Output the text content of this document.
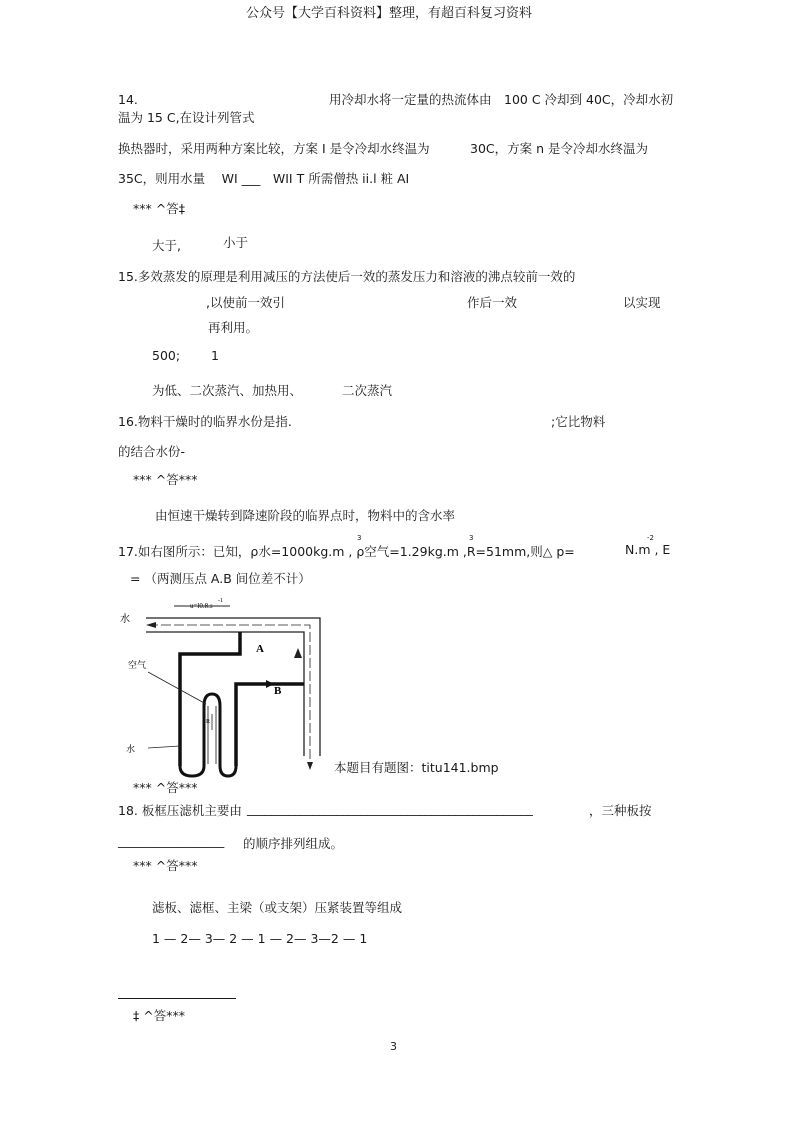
公众号【大学百科资料】整理，有超百科复习资料
14.	用冷却水将一定量的热流体由　100 C 冷却到 40C，冷却水初
温为 15 C,在设计列管式
换热器时，采用两种方案比较，方案 I 是令冷却水终温为	30C，方案 n 是令冷却水终温为
35C，则用水量　 WI ___　WII T 所需僧热 ii.l 粧 AI
*** ^答‡
大于,	小于
15.多效蒸发的原理是利用减压的方法使后一效的蒸发压力和溶液的沸点较前一效的
,以使前一效引	作后一效	以实现
再利用。
500; 1
为低、二次蒸汽、加热用、	二次蒸汽
16.物料干燥时的临界水份是指.	;它比物料
的结合水份-
*** ^答***
由恒速干燥转到降速阶段的临界点时，物料中的含水率
3	3	-2
17.如右图所示：已知，ρ水=1000kg.m , ρ空气=1.29kg.m ,R=51mm,则△ p=	N.m , E
= （两测压点 A.B 间位差不计）
水
u=l0.8.s
-1
空气
A
B
R
水
本题目有题图：titu141.bmp
*** ^答***
18. 板框压滤机主要由 ________________________________________________	，三种板按
_________________ 的顺序排列组成。
*** ^答***
滤板、滤框、主梁（或支架）压紧装置等组成
1 — 2— 3— 2 — 1 — 2— 3—2 — 1
‡ ^答***
3
